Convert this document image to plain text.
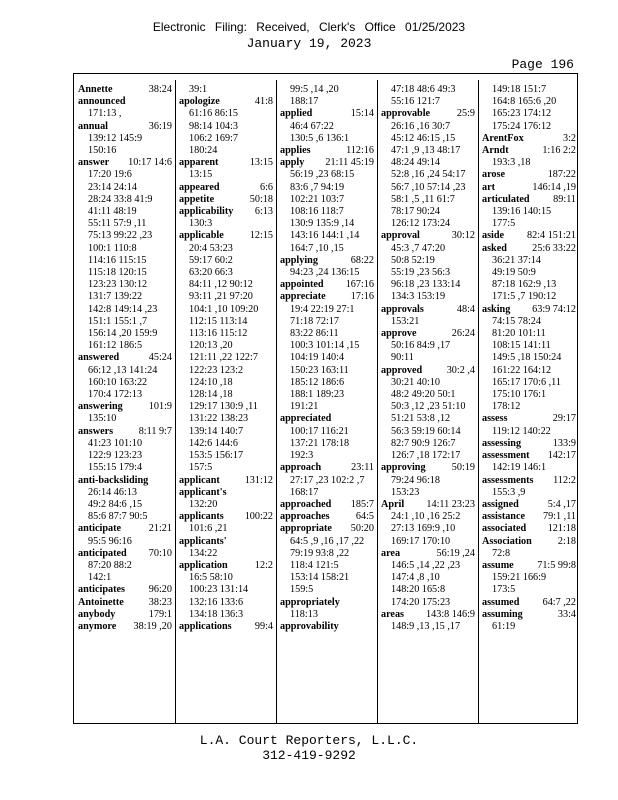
Electronic Filing: Received, Clerk's Office 01/25/2023
January 19, 2023
Page 196
Annette	38:24
announced
171:13 ,
annual	36:19
139:12 145:9
150:16
answer 10:17 14:6
17:20 19:6
23:14 24:14
28:24 33:8 41:9
41:11 48:19
55:11 57:9 ,11
75:13 99:22 ,23
100:1 110:8
114:16 115:15
115:18 120:15
123:23 130:12
131:7 139:22
142:8 149:14 ,23
151:1 155:1 ,7
156:14 ,20 159:9
161:12 186:5
answered	45:24
66:12 ,13 141:24
160:10 163:22
170:4 172:13
answering	101:9
135:10
answers	8:11 9:7
41:23 101:10
122:9 123:23
155:15 179:4
anti-backsliding
26:14 46:13
49:2 84:6 ,15
85:6 87:7 90:5
anticipate	21:21
95:5 96:16
anticipated 70:10
87:20 88:2
142:1
anticipates 96:20
Antoinette 38:23
anybody	179:1
anymore 38:19 ,20
39:1
apologize	41:8
61:16 86:15
98:14 104:3
106:2 169:7
180:24
apparent	13:15
13:15
appeared	6:6
appetite	50:18
applicability 6:13
130:3
applicable	12:15
20:4 53:23
59:17 60:2
63:20 66:3
84:11 ,12 90:12
93:11 ,21 97:20
104:1 ,10 109:20
112:15 113:14
113:16 115:12
120:13 ,20
121:11 ,22 122:7
122:23 123:2
124:10 ,18
128:14 ,18
129:17 130:9 ,11
131:22 138:23
139:14 140:7
142:6 144:6
153:5 156:17
157:5
applicant 131:12
applicant's
132:20
applicants 100:22
101:6 ,21
applicants'
134:22
application	12:2
16:5 58:10
100:23 131:14
132:16 133:6
134:18 136:3
applications 99:4
99:5 ,14 ,20
188:17
applied	15:14
46:4 67:22
130:5 ,6 136:1
applies	112:16
apply 21:11 45:19
56:19 ,23 68:15
83:6 ,7 94:19
102:21 103:7
108:16 118:7
130:9 135:9 ,14
143:16 144:1 ,14
164:7 ,10 ,15
applying	68:22
94:23 ,24 136:15
appointed 167:16
appreciate 17:16
19:4 22:19 27:1
71:18 72:17
83:22 86:11
100:3 101:14 ,15
104:19 140:4
150:23 163:11
185:12 186:6
188:1 189:23
191:21
appreciated
100:17 116:21
137:21 178:18
192:3
approach	23:11
27:17 ,23 102:2 ,7
168:17
approached 185:7
approaches	64:5
appropriate 50:20
64:5 ,9 ,16 ,17 ,22
79:19 93:8 ,22
118:4 121:5
153:14 158:21
159:5
appropriately
118:13
approvability
47:18 48:6 49:3
55:16 121:7
approvable	25:9
26:16 ,16 30:7
45:12 46:15 ,15
47:1 ,9 ,13 48:17
48:24 49:14
52:8 ,16 ,24 54:17
56:7 ,10 57:14 ,23
58:1 ,5 ,11 61:7
78:17 90:24
126:12 173:24
approval	30:12
45:3 ,7 47:20
50:8 52:19
55:19 ,23 56:3
96:18 ,23 133:14
134:3 153:19
approvals	48:4
153:21
approve	26:24
50:16 84:9 ,17
90:11
approved 30:2 ,4
30:21 40:10
48:2 49:20 50:1
50:3 ,12 ,23 51:10
51:21 53:8 ,12
56:3 59:19 60:14
82:7 90:9 126:7
126:7 ,18 172:17
approving	50:19
79:24 96:18
153:23
April 14:11 23:23
24:1 ,10 ,16 25:2
27:13 169:9 ,10
169:17 170:10
area	56:19 ,24
146:5 ,14 ,22 ,23
147:4 ,8 ,10
148:20 165:8
174:20 175:23
areas 143:8 146:9
148:9 ,13 ,15 ,17
149:18 151:7
164:8 165:6 ,20
165:23 174:12
175:24 176:12
ArentFox	3:2
Arndt	1:16 2:2
193:3 ,18
arose	187:22
art	146:14 ,19
articulated 89:11
139:16 140:15
177:5
aside 82:4 151:21
asked 25:6 33:22
36:21 37:14
49:19 50:9
87:18 162:9 ,13
171:5 ,7 190:12
asking 63:9 74:12
74:15 78:24
81:20 101:11
108:15 141:11
149:5 ,18 150:24
161:22 164:12
165:17 170:6 ,11
175:10 176:1
178:12
assess	29:17
119:12 140:22
assessing	133:9
assessment 142:17
142:19 146:1
assessments 112:2
155:3 ,9
assigned	5:4 ,17
assistance 79:1 ,11
associated 121:18
Association	2:18
72:8
assume 71:5 99:8
159:21 166:9
173:5
assumed 64:7 ,22
assuming	33:4
61:19
L.A. Court Reporters, L.L.C.
312-419-9292
